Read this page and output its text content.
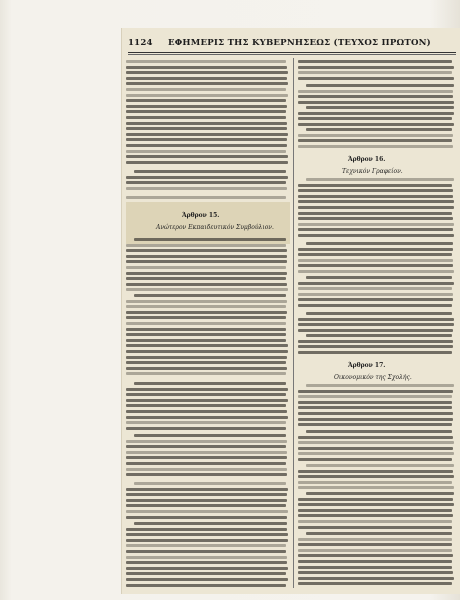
1124 ΕΦΗΜΕΡΙΣ ΤΗΣ ΚΥΒΕΡΝΗΣΕΩΣ (ΤΕΥΧΟΣ ΠΡΩΤΟΝ)
Άρθρον 15.
Ανώτερον Εκπαιδευτικόν Συμβούλιον.
Άρθρον 16.
Τεχνικόν Γραφείον.
Άρθρον 17.
Οικονομικόν της Σχολής.
